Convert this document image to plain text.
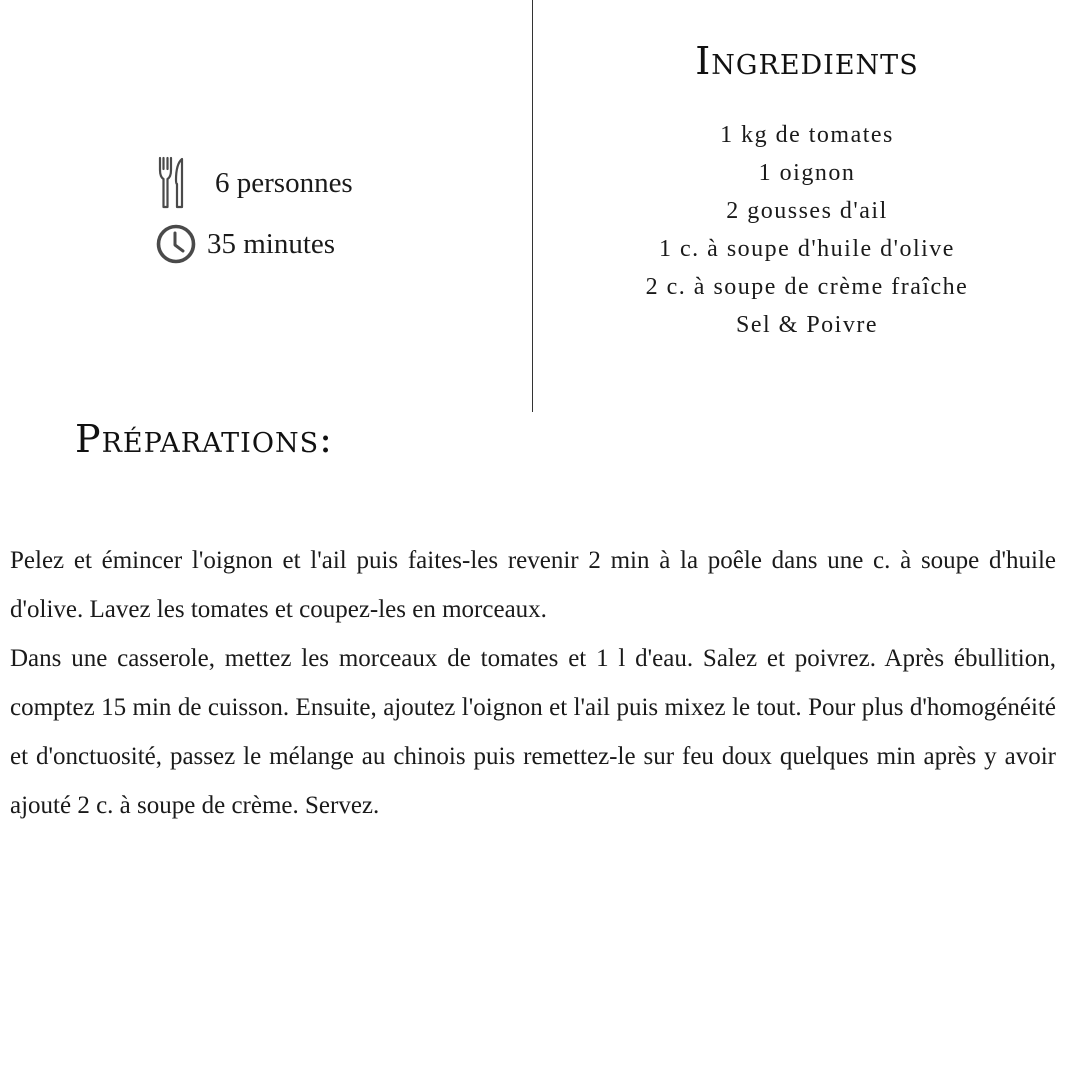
6 personnes
35 minutes
Ingredients
1 kg de tomates
1 oignon
2 gousses d'ail
1 c. à soupe d'huile d'olive
2 c. à soupe de crème fraîche
Sel & Poivre
Préparations:

Pelez et émincer l'oignon et l'ail puis faites-les revenir 2 min à la poêle dans une c. à soupe d'huile d'olive. Lavez les tomates et coupez-les en morceaux.

Dans une casserole, mettez les morceaux de tomates et 1 l d'eau. Salez et poivrez. Après ébullition, comptez 15 min de cuisson. Ensuite, ajoutez l'oignon et l'ail puis mixez le tout. Pour plus d'homogénéité et d'onctuosité, passez le mélange au chinois puis remettez-le sur feu doux quelques min après y avoir ajouté 2 c. à soupe de crème. Servez.
